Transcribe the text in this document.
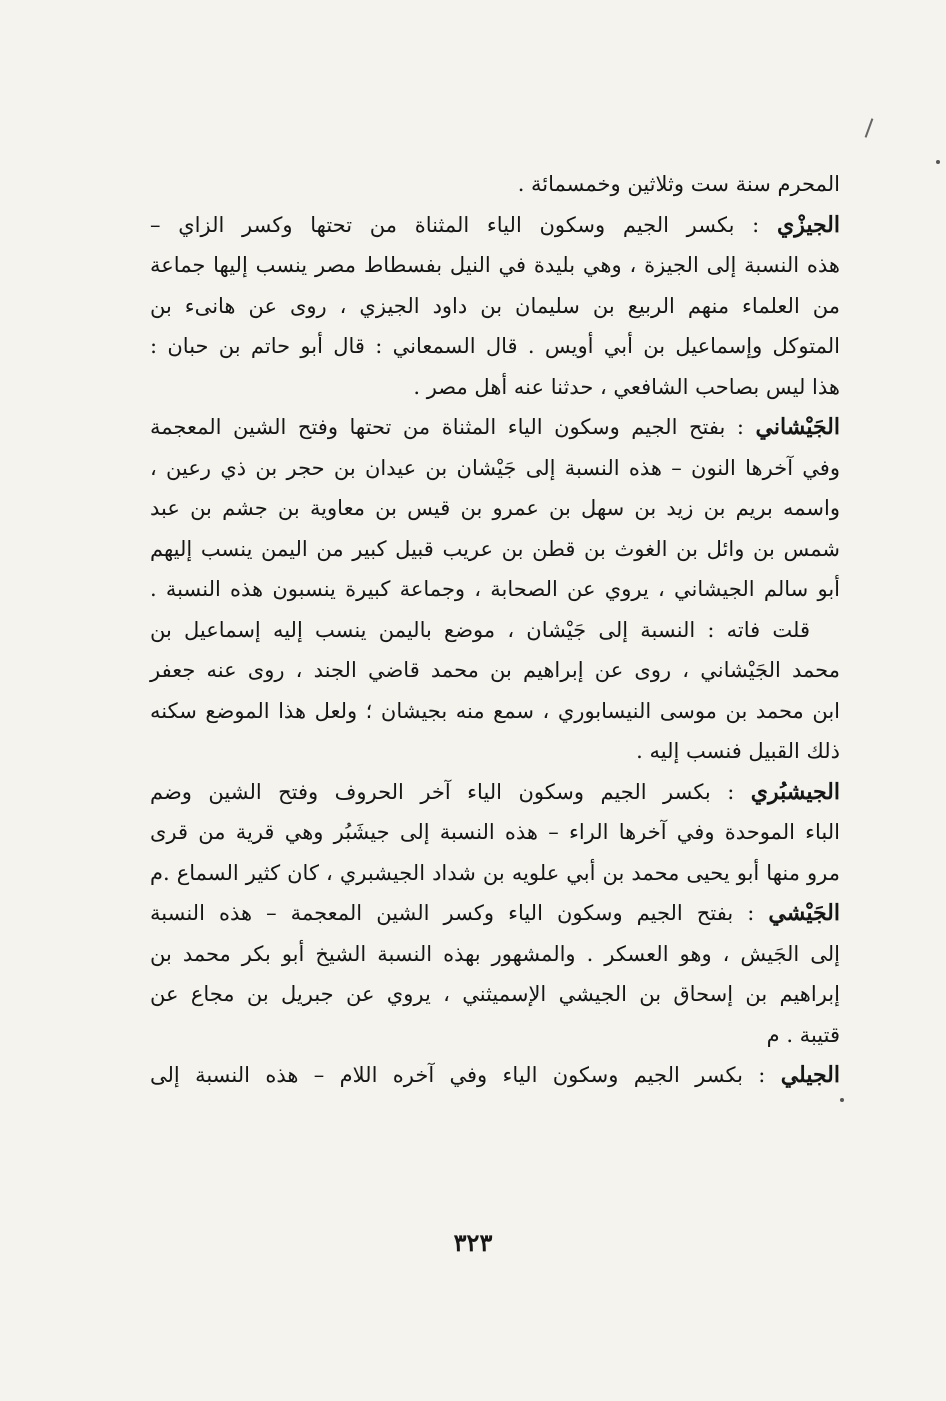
المحرم سنة ست وثلاثين وخمسمائة .
الجيزْي : بكسر الجيم وسكون الياء المثناة من تحتها وكسر الزاي –
هذه النسبة إلى الجيزة ، وهي بليدة في النيل بفسطاط مصر ينسب إليها جماعة
من العلماء منهم الربيع بن سليمان بن داود الجيزي ، روى عن هانىء بن
المتوكل وإسماعيل بن أبي أويس . قال السمعاني : قال أبو حاتم بن حبان :
هذا ليس بصاحب الشافعي ، حدثنا عنه أهل مصر .
الجَيْشاني : بفتح الجيم وسكون الياء المثناة من تحتها وفتح الشين المعجمة
وفي آخرها النون – هذه النسبة إلى جَيْشان بن عيدان بن حجر بن ذي رعين ،
واسمه بريم بن زيد بن سهل بن عمرو بن قيس بن معاوية بن جشم بن عبد
شمس بن وائل بن الغوث بن قطن بن عريب قبيل كبير من اليمن ينسب إليهم
أبو سالم الجيشاني ، يروي عن الصحابة ، وجماعة كبيرة ينسبون هذه النسبة .
قلت فاته : النسبة إلى جَيْشان ، موضع باليمن ينسب إليه إسماعيل بن
محمد الجَيْشاني ، روى عن إبراهيم بن محمد قاضي الجند ، روى عنه جعفر
ابن محمد بن موسى النيسابوري ، سمع منه بجيشان ؛ ولعل هذا الموضع سكنه
ذلك القبيل فنسب إليه .
الجيشبُري : بكسر الجيم وسكون الياء آخر الحروف وفتح الشين وضم
الباء الموحدة وفي آخرها الراء – هذه النسبة إلى جيشَبُر وهي قرية من قرى
مرو منها أبو يحيى محمد بن أبي علويه بن شداد الجيشبري ، كان كثير السماع .م
الجَيْشي : بفتح الجيم وسكون الياء وكسر الشين المعجمة – هذه النسبة
إلى الجَيش ، وهو العسكر . والمشهور بهذه النسبة الشيخ أبو بكر محمد بن
إبراهيم بن إسحاق بن الجيشي الإسميثني ، يروي عن جبريل بن مجاع عن
قتيبة . م
الجيلي : بكسر الجيم وسكون الياء وفي آخره اللام – هذه النسبة إلى
٣٢٣
